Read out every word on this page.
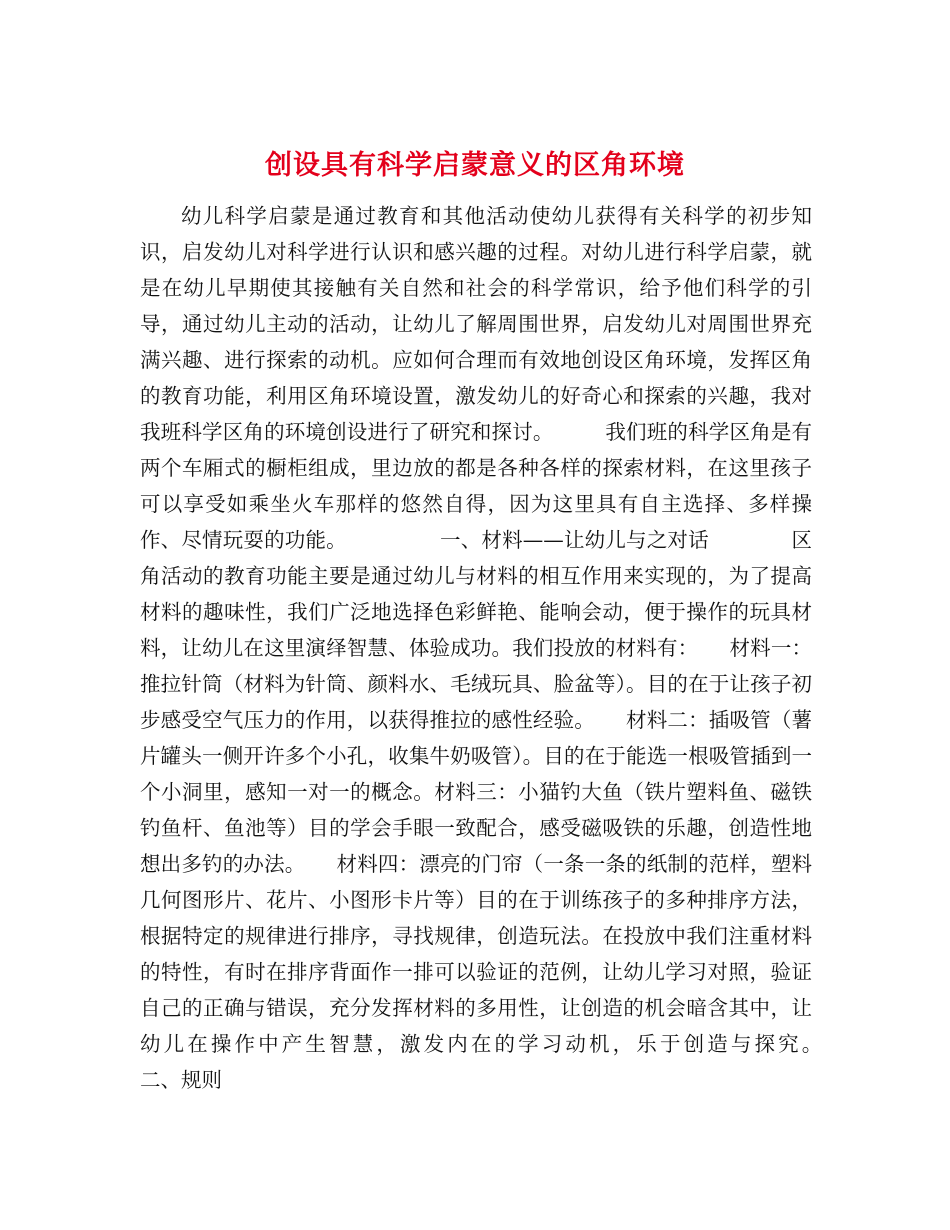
创设具有科学启蒙意义的区角环境

幼儿科学启蒙是通过教育和其他活动使幼儿获得有关科学的初步知识，启发幼儿对科学进行认识和感兴趣的过程。对幼儿进行科学启蒙，就是在幼儿早期使其接触有关自然和社会的科学常识，给予他们科学的引导，通过幼儿主动的活动，让幼儿了解周围世界，启发幼儿对周围世界充满兴趣、进行探索的动机。应如何合理而有效地创设区角环境，发挥区角的教育功能，利用区角环境设置，激发幼儿的好奇心和探索的兴趣，我对我班科学区角的环境创设进行了研究和探讨。　　　我们班的科学区角是有两个车厢式的橱柜组成，里边放的都是各种各样的探索材料，在这里孩子可以享受如乘坐火车那样的悠然自得，因为这里具有自主选择、多样操作、尽情玩耍的功能。　　　　　一、材料——让幼儿与之对话　　　　区角活动的教育功能主要是通过幼儿与材料的相互作用来实现的，为了提高材料的趣味性，我们广泛地选择色彩鲜艳、能响会动，便于操作的玩具材料，让幼儿在这里演绎智慧、体验成功。我们投放的材料有：　　材料一：推拉针筒（材料为针筒、颜料水、毛绒玩具、脸盆等）。目的在于让孩子初步感受空气压力的作用，以获得推拉的感性经验。　　材料二：插吸管（薯片罐头一侧开许多个小孔，收集牛奶吸管）。目的在于能选一根吸管插到一个小洞里，感知一对一的概念。材料三：小猫钓大鱼（铁片塑料鱼、磁铁钓鱼杆、鱼池等）目的学会手眼一致配合，感受磁吸铁的乐趣，创造性地想出多钓的办法。　　材料四：漂亮的门帘（一条一条的纸制的范样，塑料几何图形片、花片、小图形卡片等）目的在于训练孩子的多种排序方法，根据特定的规律进行排序，寻找规律，创造玩法。在投放中我们注重材料的特性，有时在排序背面作一排可以验证的范例，让幼儿学习对照，验证自己的正确与错误，充分发挥材料的多用性，让创造的机会暗含其中，让幼儿在操作中产生智慧，激发内在的学习动机，乐于创造与探究。　　　二、规则
